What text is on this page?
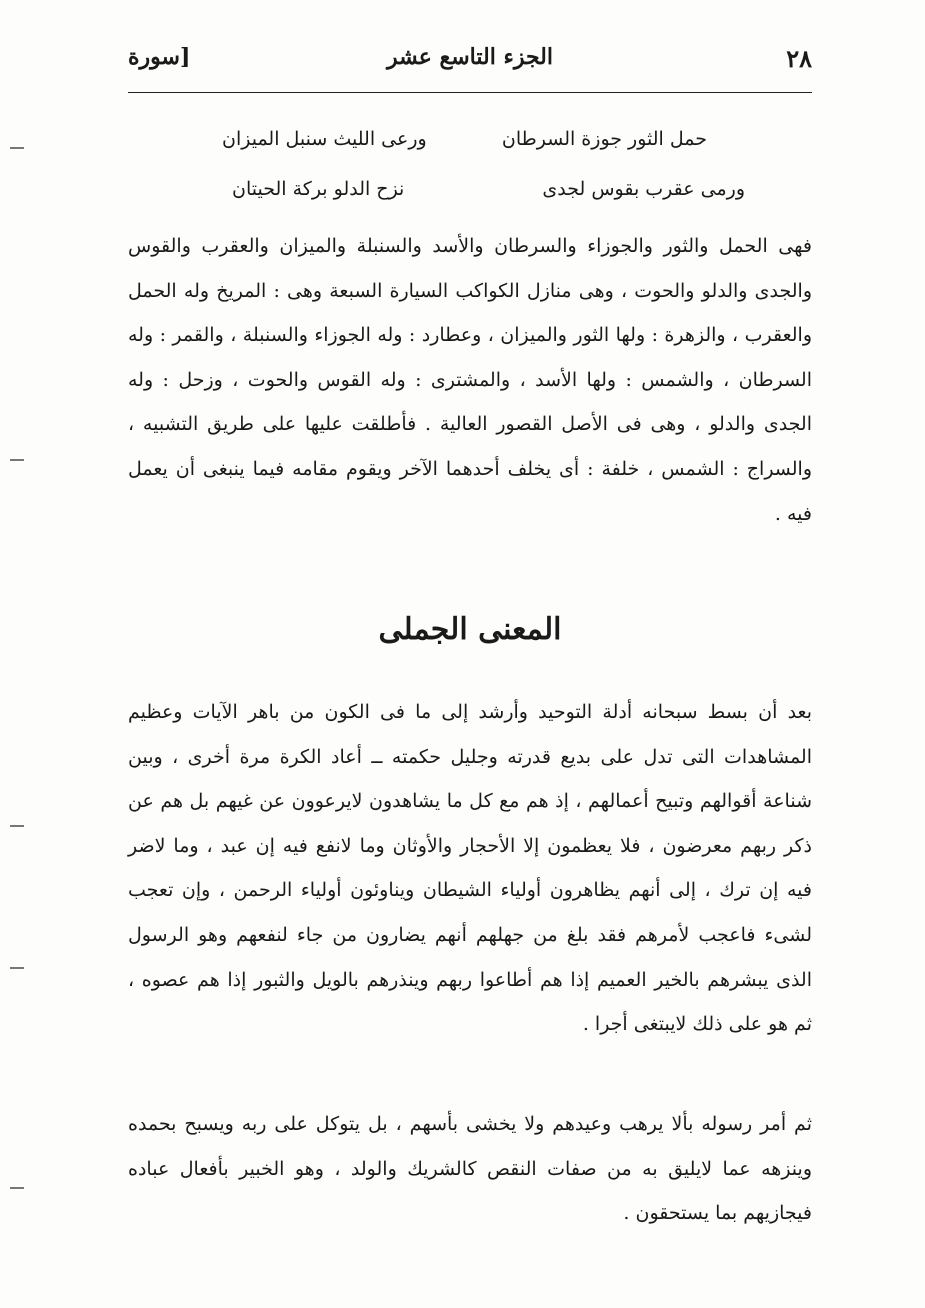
٢٨
الجزء التاسع عشر
[سورة
حمل الثور جوزة السرطان
ورعى الليث سنبل الميزان
ورمى عقرب بقوس لجدى
نزح الدلو بركة الحيتان
فهى الحمل والثور والجوزاء والسرطان والأسد والسنبلة والميزان والعقرب والقوس والجدى والدلو والحوت ، وهى منازل الكواكب السيارة السبعة وهى : المريخ وله الحمل والعقرب ، والزهرة : ولها الثور والميزان ، وعطارد : وله الجوزاء والسنبلة ، والقمر : وله السرطان ، والشمس : ولها الأسد ، والمشترى : وله القوس والحوت ، وزحل : وله الجدى والدلو ، وهى فى الأصل القصور العالية . فأطلقت عليها على طريق التشبيه ، والسراج : الشمس ، خلفة : أى يخلف أحدهما الآخر ويقوم مقامه فيما ينبغى أن يعمل فيه .
المعنى الجملى
بعد أن بسط سبحانه أدلة التوحيد وأرشد إلى ما فى الكون من باهر الآيات وعظيم المشاهدات التى تدل على بديع قدرته وجليل حكمته ــ أعاد الكرة مرة أخرى ، وبين شناعة أقوالهم وتبيح أعمالهم ، إذ هم مع كل ما يشاهدون لايرعوون عن غيهم بل هم عن ذكر ربهم معرضون ، فلا يعظمون إلا الأحجار والأوثان وما لانفع فيه إن عبد ، وما لاضر فيه إن ترك ، إلى أنهم يظاهرون أولياء الشيطان ويناوئون أولياء الرحمن ، وإن تعجب لشىء فاعجب لأمرهم فقد بلغ من جهلهم أنهم يضارون من جاء لنفعهم وهو الرسول الذى يبشرهم بالخير العميم إذا هم أطاعوا ربهم وينذرهم بالويل والثبور إذا هم عصوه ، ثم هو على ذلك لايبتغى أجرا .
ثم أمر رسوله بألا يرهب وعيدهم ولا يخشى بأسهم ، بل يتوكل على ربه ويسبح بحمده وينزهه عما لايليق به من صفات النقص كالشريك والولد ، وهو الخبير بأفعال عباده فيجازيهم بما يستحقون .
